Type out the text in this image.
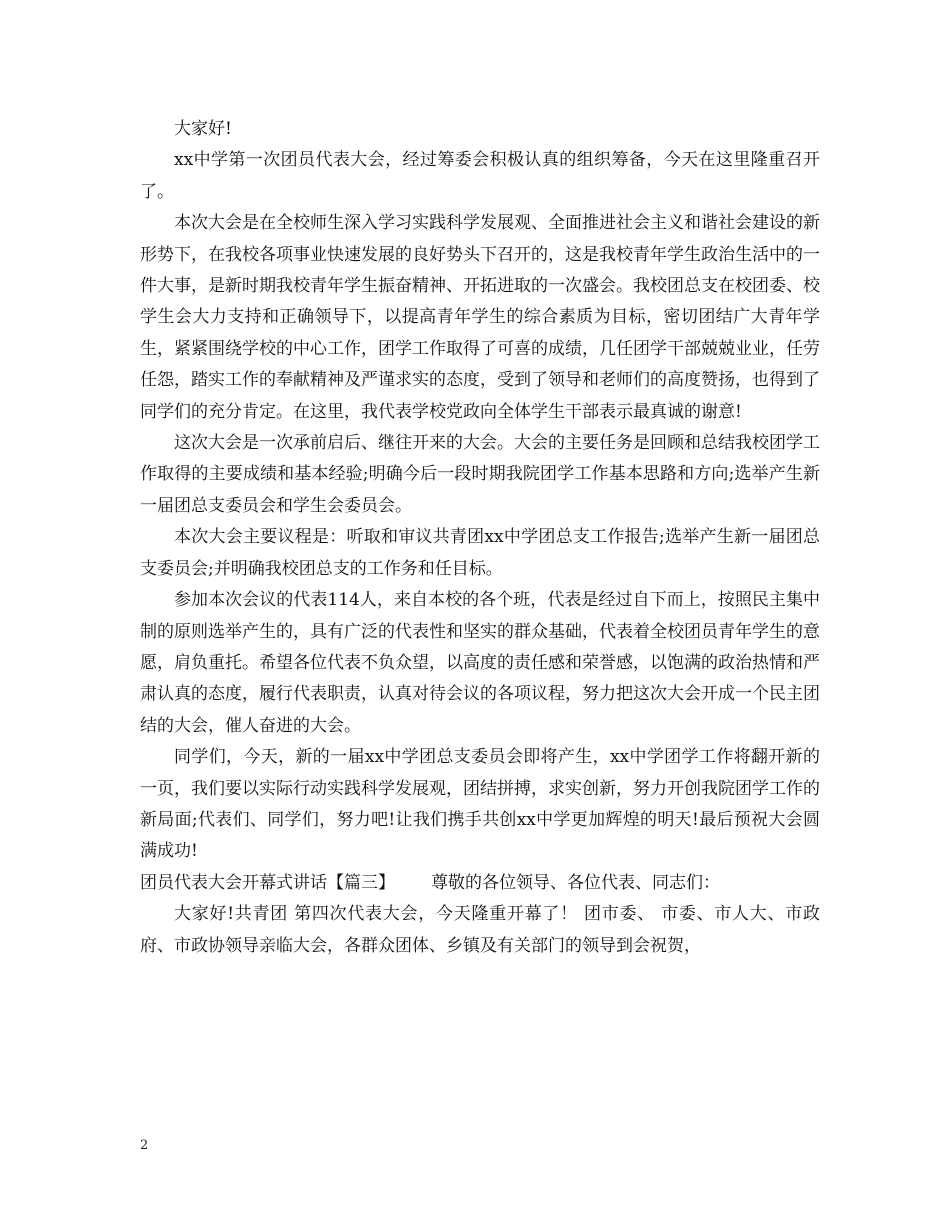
大家好!

xx中学第一次团员代表大会，经过筹委会积极认真的组织筹备，今天在这里隆重召开了。

本次大会是在全校师生深入学习实践科学发展观、全面推进社会主义和谐社会建设的新形势下，在我校各项事业快速发展的良好势头下召开的，这是我校青年学生政治生活中的一件大事，是新时期我校青年学生振奋精神、开拓进取的一次盛会。我校团总支在校团委、校学生会大力支持和正确领导下，以提高青年学生的综合素质为目标，密切团结广大青年学生，紧紧围绕学校的中心工作，团学工作取得了可喜的成绩，几任团学干部兢兢业业，任劳任怨，踏实工作的奉献精神及严谨求实的态度，受到了领导和老师们的高度赞扬，也得到了同学们的充分肯定。在这里，我代表学校党政向全体学生干部表示最真诚的谢意!

这次大会是一次承前启后、继往开来的大会。大会的主要任务是回顾和总结我校团学工作取得的主要成绩和基本经验;明确今后一段时期我院团学工作基本思路和方向;选举产生新一届团总支委员会和学生会委员会。

本次大会主要议程是：听取和审议共青团xx中学团总支工作报告;选举产生新一届团总支委员会;并明确我校团总支的工作务和任目标。

参加本次会议的代表114人，来自本校的各个班，代表是经过自下而上，按照民主集中制的原则选举产生的，具有广泛的代表性和坚实的群众基础，代表着全校团员青年学生的意愿，肩负重托。希望各位代表不负众望，以高度的责任感和荣誉感，以饱满的政治热情和严肃认真的态度，履行代表职责，认真对待会议的各项议程，努力把这次大会开成一个民主团结的大会，催人奋进的大会。

同学们，今天，新的一届xx中学团总支委员会即将产生，xx中学团学工作将翻开新的一页，我们要以实际行动实践科学发展观，团结拼搏，求实创新，努力开创我院团学工作的新局面;代表们、同学们，努力吧!让我们携手共创xx中学更加辉煌的明天!最后预祝大会圆满成功!

团员代表大会开幕式讲话【篇三】 尊敬的各位领导、各位代表、同志们：

大家好!共青团 第四次代表大会，今天隆重开幕了！ 团市委、 市委、市人大、市政府、市政协领导亲临大会，各群众团体、乡镇及有关部门的领导到会祝贺，

2
